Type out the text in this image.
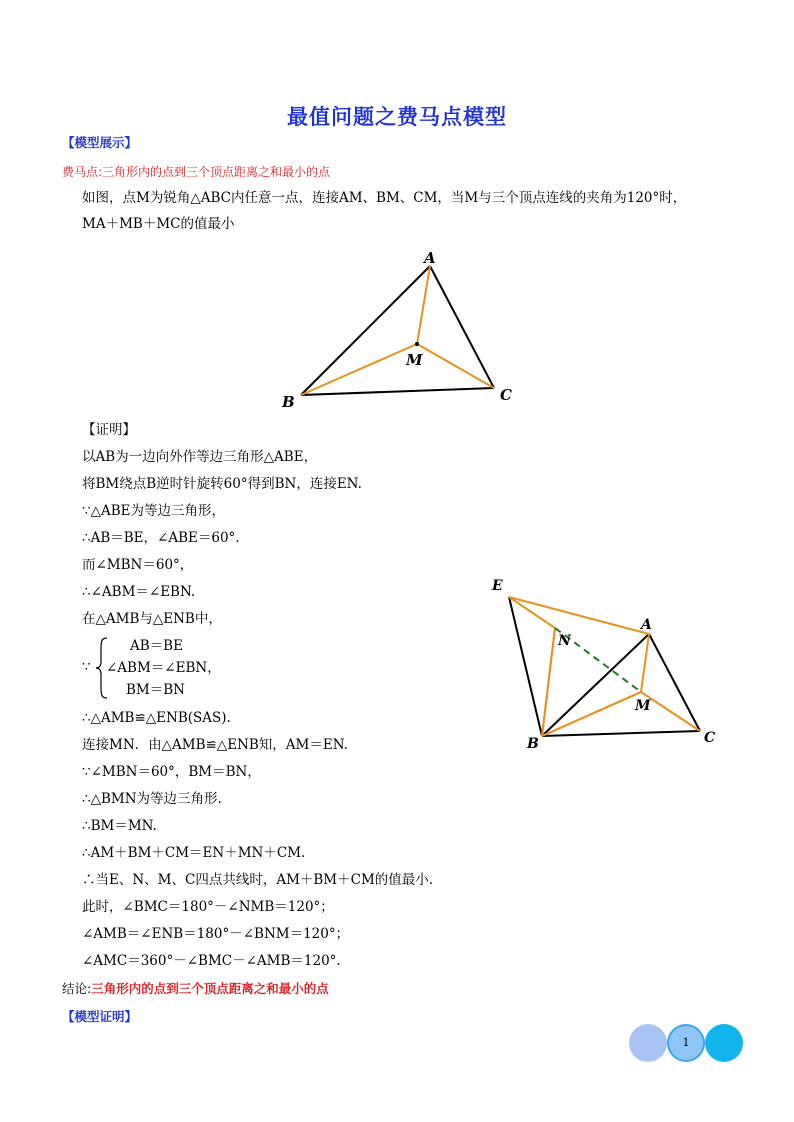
最值问题之费马点模型
【模型展示】
费马点:三角形内的点到三个顶点距离之和最小的点
如图，点M为锐角△ABC内任意一点，连接AM、BM、CM，当M与三个顶点连线的夹角为120°时，
MA＋MB＋MC的值最小
A
B	C
M
【证明】
以AB为一边向外作等边三角形△ABE，
将BM绕点B逆时针旋转60°得到BN，连接EN.
∵△ABE为等边三角形，
∴AB＝BE，∠ABE＝60°.
而∠MBN＝60°，
∴∠ABM＝∠EBN.
在△AMB与△ENB中，
∵
AB＝BE
∠ABM＝∠EBN，
BM＝BN
∴△AMB≌△ENB(SAS).
连接MN．由△AMB≌△ENB知，AM＝EN.
∵∠MBN＝60°，BM＝BN，
∴△BMN为等边三角形.
∴BM＝MN.
∴AM＋BM＋CM＝EN＋MN＋CM.
∴当E、N、M、C四点共线时，AM＋BM＋CM的值最小.
此时，∠BMC＝180°－∠NMB＝120°；
∠AMB＝∠ENB＝180°－∠BNM＝120°；
∠AMC＝360°－∠BMC－∠AMB＝120°.
E
A
N
M
B	C
结论:三角形内的点到三个顶点距离之和最小的点
【模型证明】
1
